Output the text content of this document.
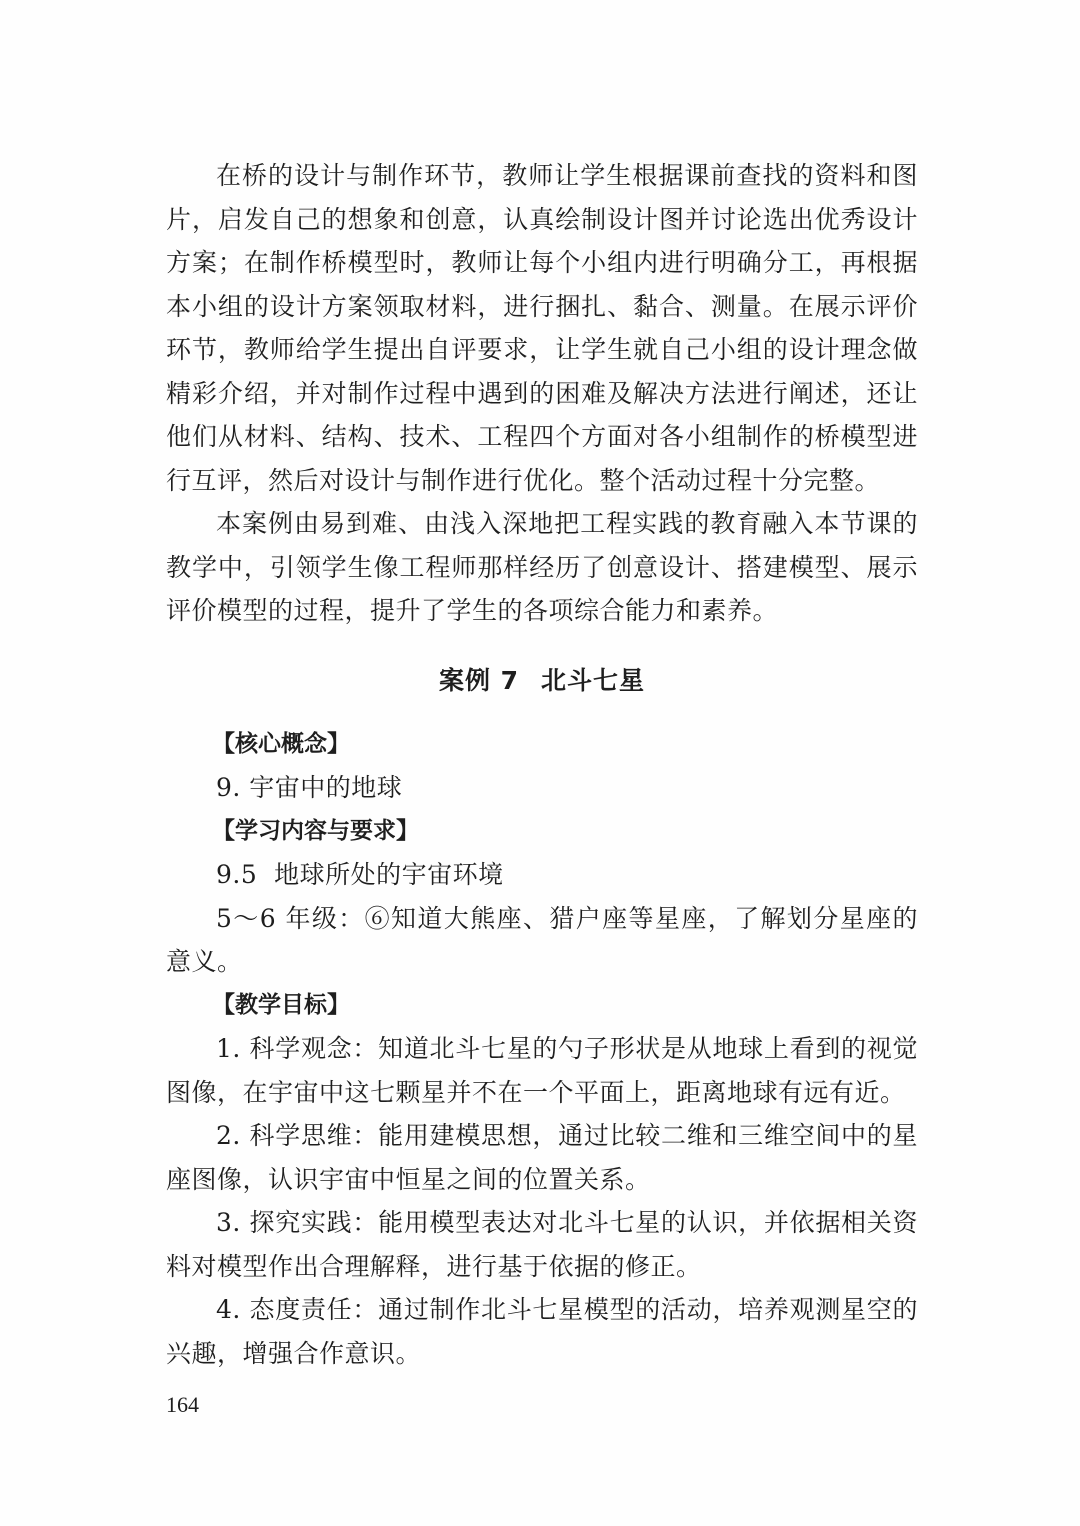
在桥的设计与制作环节，教师让学生根据课前查找的资料和图片，启发自己的想象和创意，认真绘制设计图并讨论选出优秀设计方案；在制作桥模型时，教师让每个小组内进行明确分工，再根据本小组的设计方案领取材料，进行捆扎、黏合、测量。在展示评价环节，教师给学生提出自评要求，让学生就自己小组的设计理念做精彩介绍，并对制作过程中遇到的困难及解决方法进行阐述，还让他们从材料、结构、技术、工程四个方面对各小组制作的桥模型进行互评，然后对设计与制作进行优化。整个活动过程十分完整。

本案例由易到难、由浅入深地把工程实践的教育融入本节课的教学中，引领学生像工程师那样经历了创意设计、搭建模型、展示评价模型的过程，提升了学生的各项综合能力和素养。

案例 7 北斗七星

【核心概念】

9. 宇宙中的地球

【学习内容与要求】

9.5  地球所处的宇宙环境

5～6 年级：⑥知道大熊座、猎户座等星座，了解划分星座的意义。

【教学目标】

1. 科学观念：知道北斗七星的勺子形状是从地球上看到的视觉图像，在宇宙中这七颗星并不在一个平面上，距离地球有远有近。

2. 科学思维：能用建模思想，通过比较二维和三维空间中的星座图像，认识宇宙中恒星之间的位置关系。

3. 探究实践：能用模型表达对北斗七星的认识，并依据相关资料对模型作出合理解释，进行基于依据的修正。

4. 态度责任：通过制作北斗七星模型的活动，培养观测星空的兴趣，增强合作意识。

164
